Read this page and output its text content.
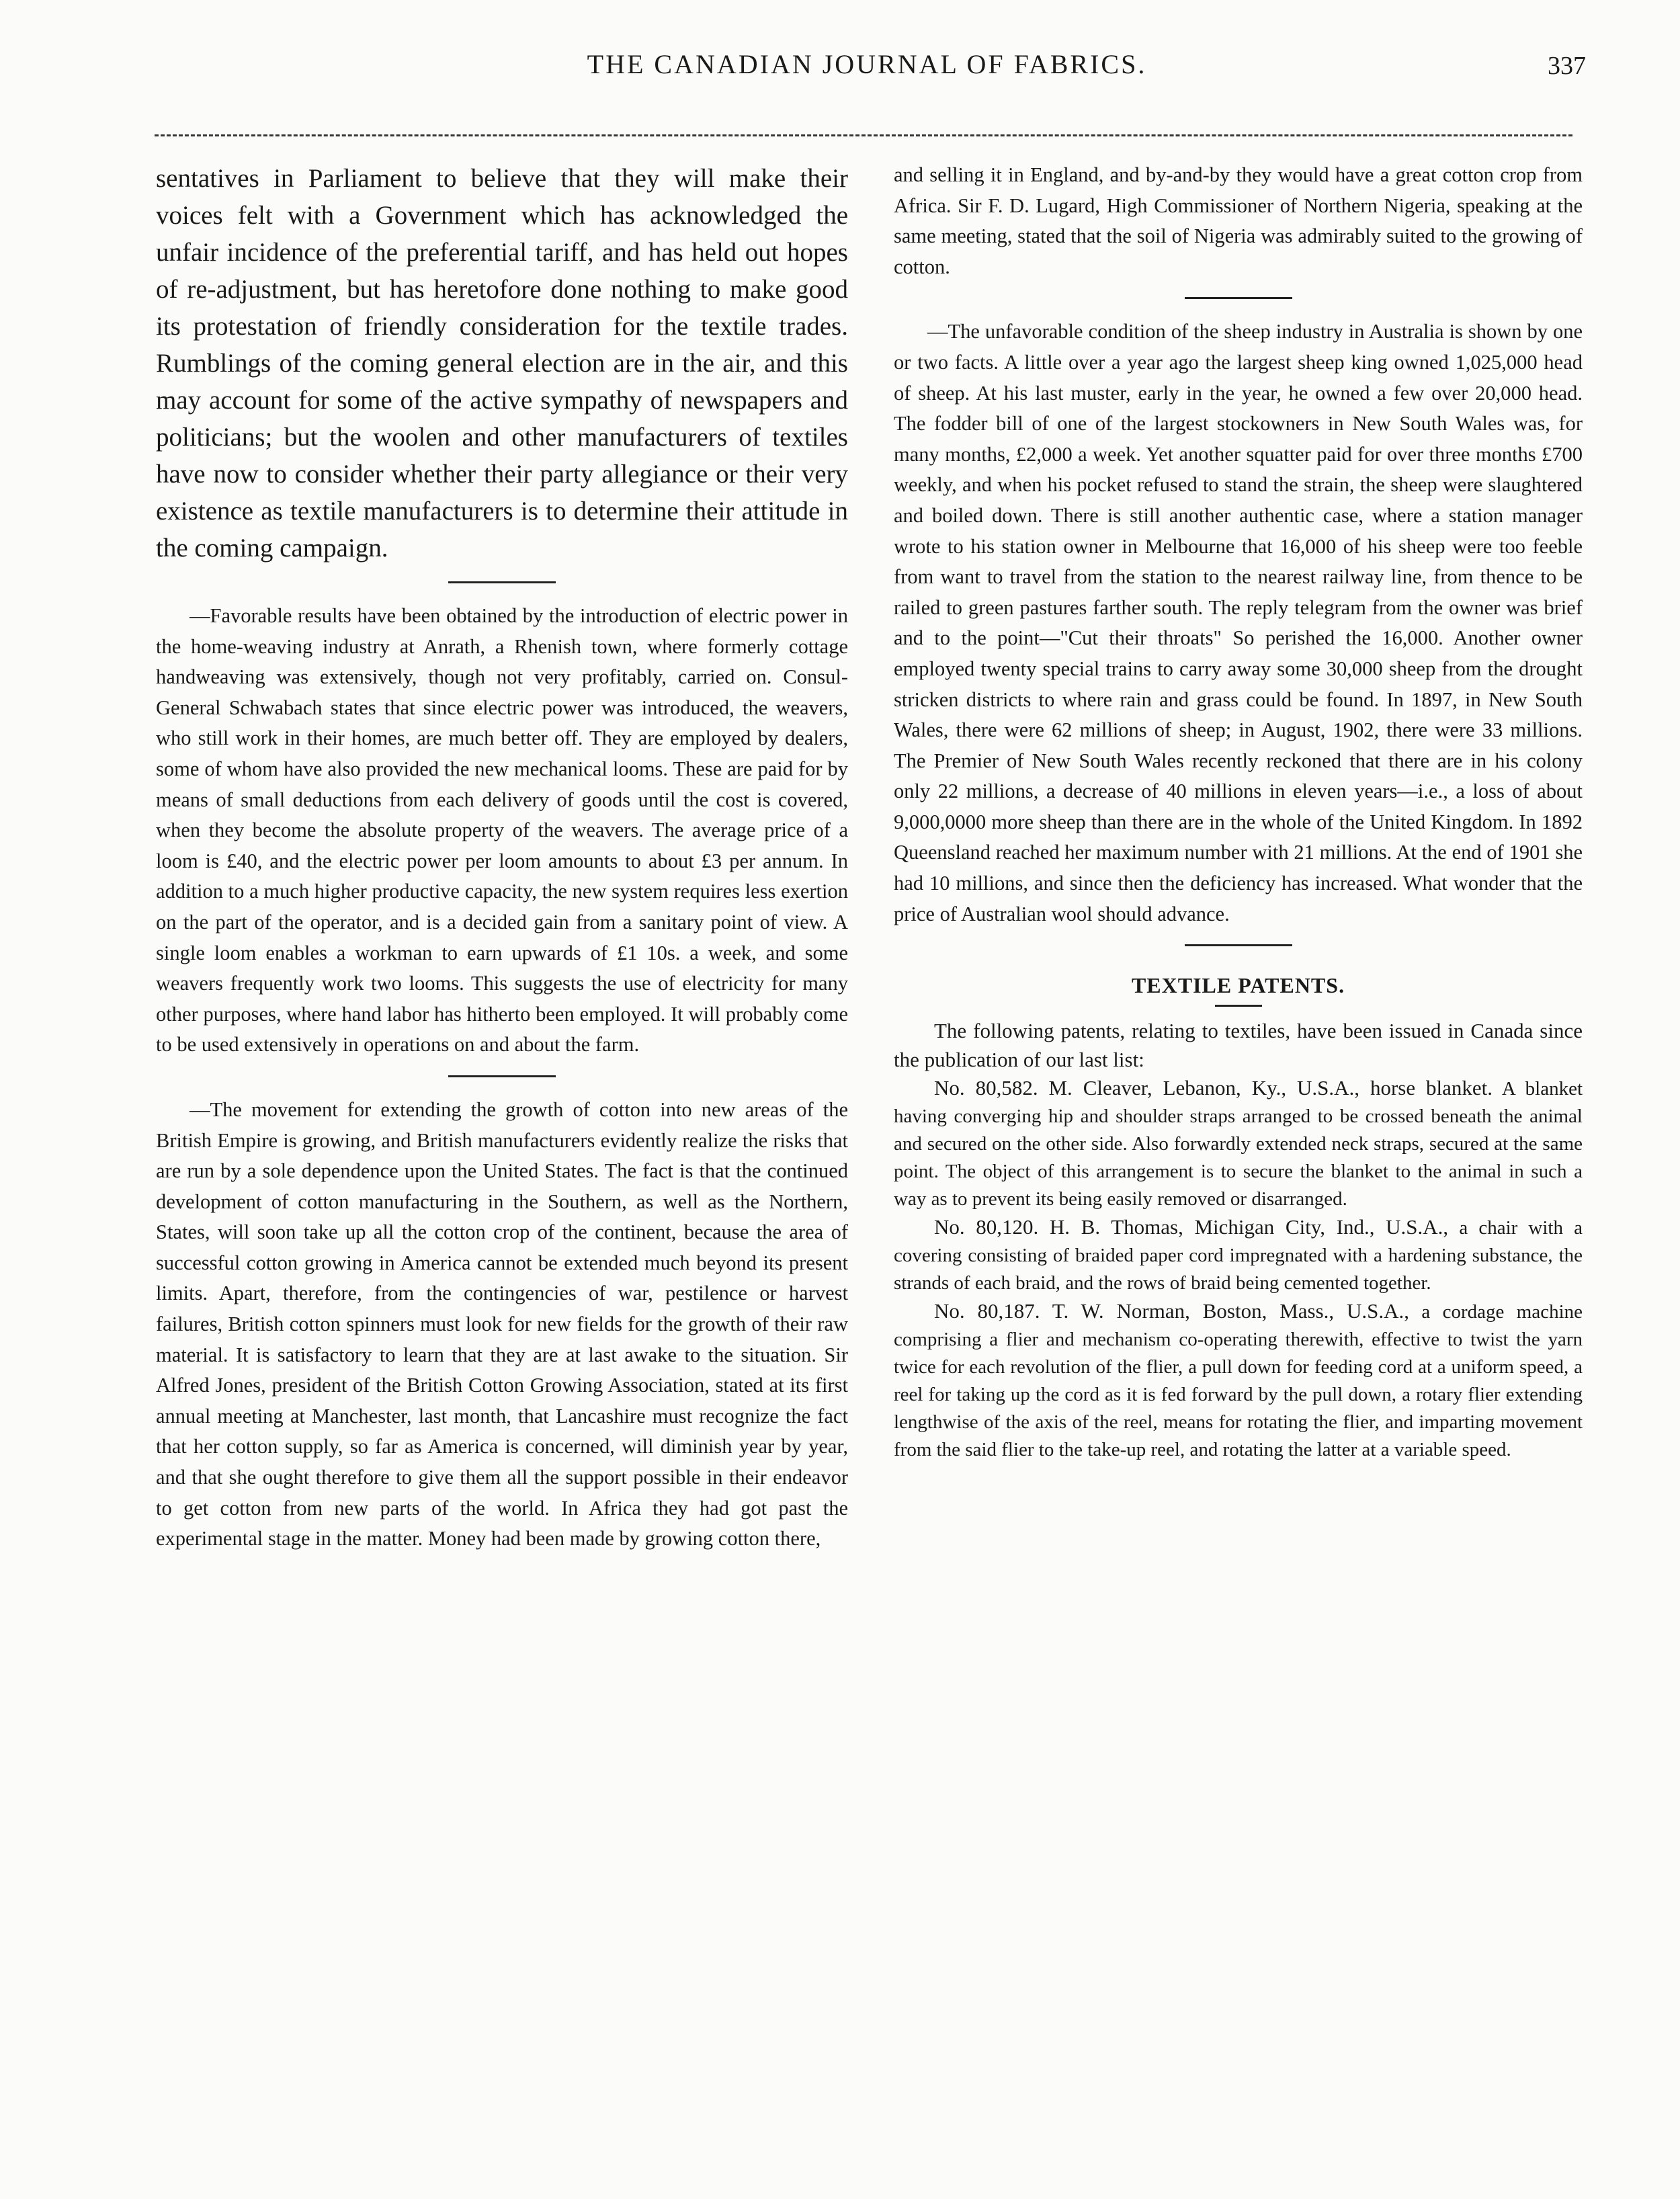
THE CANADIAN JOURNAL OF FABRICS.	337

sentatives in Parliament to believe that they will make their voices felt with a Government which has acknowledged the unfair incidence of the preferential tariff, and has held out hopes of re-adjustment, but has heretofore done nothing to make good its protestation of friendly consideration for the textile trades. Rumblings of the coming general election are in the air, and this may account for some of the active sympathy of newspapers and politicians; but the woolen and other manufacturers of textiles have now to consider whether their party allegiance or their very existence as textile manufacturers is to determine their attitude in the coming campaign.

—Favorable results have been obtained by the introduction of electric power in the home-weaving industry at Anrath, a Rhenish town, where formerly cottage handweaving was extensively, though not very profitably, carried on. Consul-General Schwabach states that since electric power was introduced, the weavers, who still work in their homes, are much better off. They are employed by dealers, some of whom have also provided the new mechanical looms. These are paid for by means of small deductions from each delivery of goods until the cost is covered, when they become the absolute property of the weavers. The average price of a loom is £40, and the electric power per loom amounts to about £3 per annum. In addition to a much higher productive capacity, the new system requires less exertion on the part of the operator, and is a decided gain from a sanitary point of view. A single loom enables a workman to earn upwards of £1 10s. a week, and some weavers frequently work two looms. This suggests the use of electricity for many other purposes, where hand labor has hitherto been employed. It will probably come to be used extensively in operations on and about the farm.

—The movement for extending the growth of cotton into new areas of the British Empire is growing, and British manufacturers evidently realize the risks that are run by a sole dependence upon the United States. The fact is that the continued development of cotton manufacturing in the Southern, as well as the Northern, States, will soon take up all the cotton crop of the continent, because the area of successful cotton growing in America cannot be extended much beyond its present limits. Apart, therefore, from the contingencies of war, pestilence or harvest failures, British cotton spinners must look for new fields for the growth of their raw material. It is satisfactory to learn that they are at last awake to the situation. Sir Alfred Jones, president of the British Cotton Growing Association, stated at its first annual meeting at Manchester, last month, that Lancashire must recognize the fact that her cotton supply, so far as America is concerned, will diminish year by year, and that she ought therefore to give them all the support possible in their endeavor to get cotton from new parts of the world. In Africa they had got past the experimental stage in the matter. Money had been made by growing cotton there,

and selling it in England, and by-and-by they would have a great cotton crop from Africa. Sir F. D. Lugard, High Commissioner of Northern Nigeria, speaking at the same meeting, stated that the soil of Nigeria was admirably suited to the growing of cotton.

—The unfavorable condition of the sheep industry in Australia is shown by one or two facts. A little over a year ago the largest sheep king owned 1,025,000 head of sheep. At his last muster, early in the year, he owned a few over 20,000 head. The fodder bill of one of the largest stockowners in New South Wales was, for many months, £2,000 a week. Yet another squatter paid for over three months £700 weekly, and when his pocket refused to stand the strain, the sheep were slaughtered and boiled down. There is still another authentic case, where a station manager wrote to his station owner in Melbourne that 16,000 of his sheep were too feeble from want to travel from the station to the nearest railway line, from thence to be railed to green pastures farther south. The reply telegram from the owner was brief and to the point—"Cut their throats" So perished the 16,000. Another owner employed twenty special trains to carry away some 30,000 sheep from the drought stricken districts to where rain and grass could be found. In 1897, in New South Wales, there were 62 millions of sheep; in August, 1902, there were 33 millions. The Premier of New South Wales recently reckoned that there are in his colony only 22 millions, a decrease of 40 millions in eleven years—i.e., a loss of about 9,000,0000 more sheep than there are in the whole of the United Kingdom. In 1892 Queensland reached her maximum number with 21 millions. At the end of 1901 she had 10 millions, and since then the deficiency has increased. What wonder that the price of Australian wool should advance.

TEXTILE PATENTS.

The following patents, relating to textiles, have been issued in Canada since the publication of our last list:

No. 80,582. M. Cleaver, Lebanon, Ky., U.S.A., horse blanket. A blanket having converging hip and shoulder straps arranged to be crossed beneath the animal and secured on the other side. Also forwardly extended neck straps, secured at the same point. The object of this arrangement is to secure the blanket to the animal in such a way as to prevent its being easily removed or disarranged.

No. 80,120. H. B. Thomas, Michigan City, Ind., U.S.A., a chair with a covering consisting of braided paper cord impregnated with a hardening substance, the strands of each braid, and the rows of braid being cemented together.

No. 80,187. T. W. Norman, Boston, Mass., U.S.A., a cordage machine comprising a flier and mechanism co-operating therewith, effective to twist the yarn twice for each revolution of the flier, a pull down for feeding cord at a uniform speed, a reel for taking up the cord as it is fed forward by the pull down, a rotary flier extending lengthwise of the axis of the reel, means for rotating the flier, and imparting movement from the said flier to the take-up reel, and rotating the latter at a variable speed.
